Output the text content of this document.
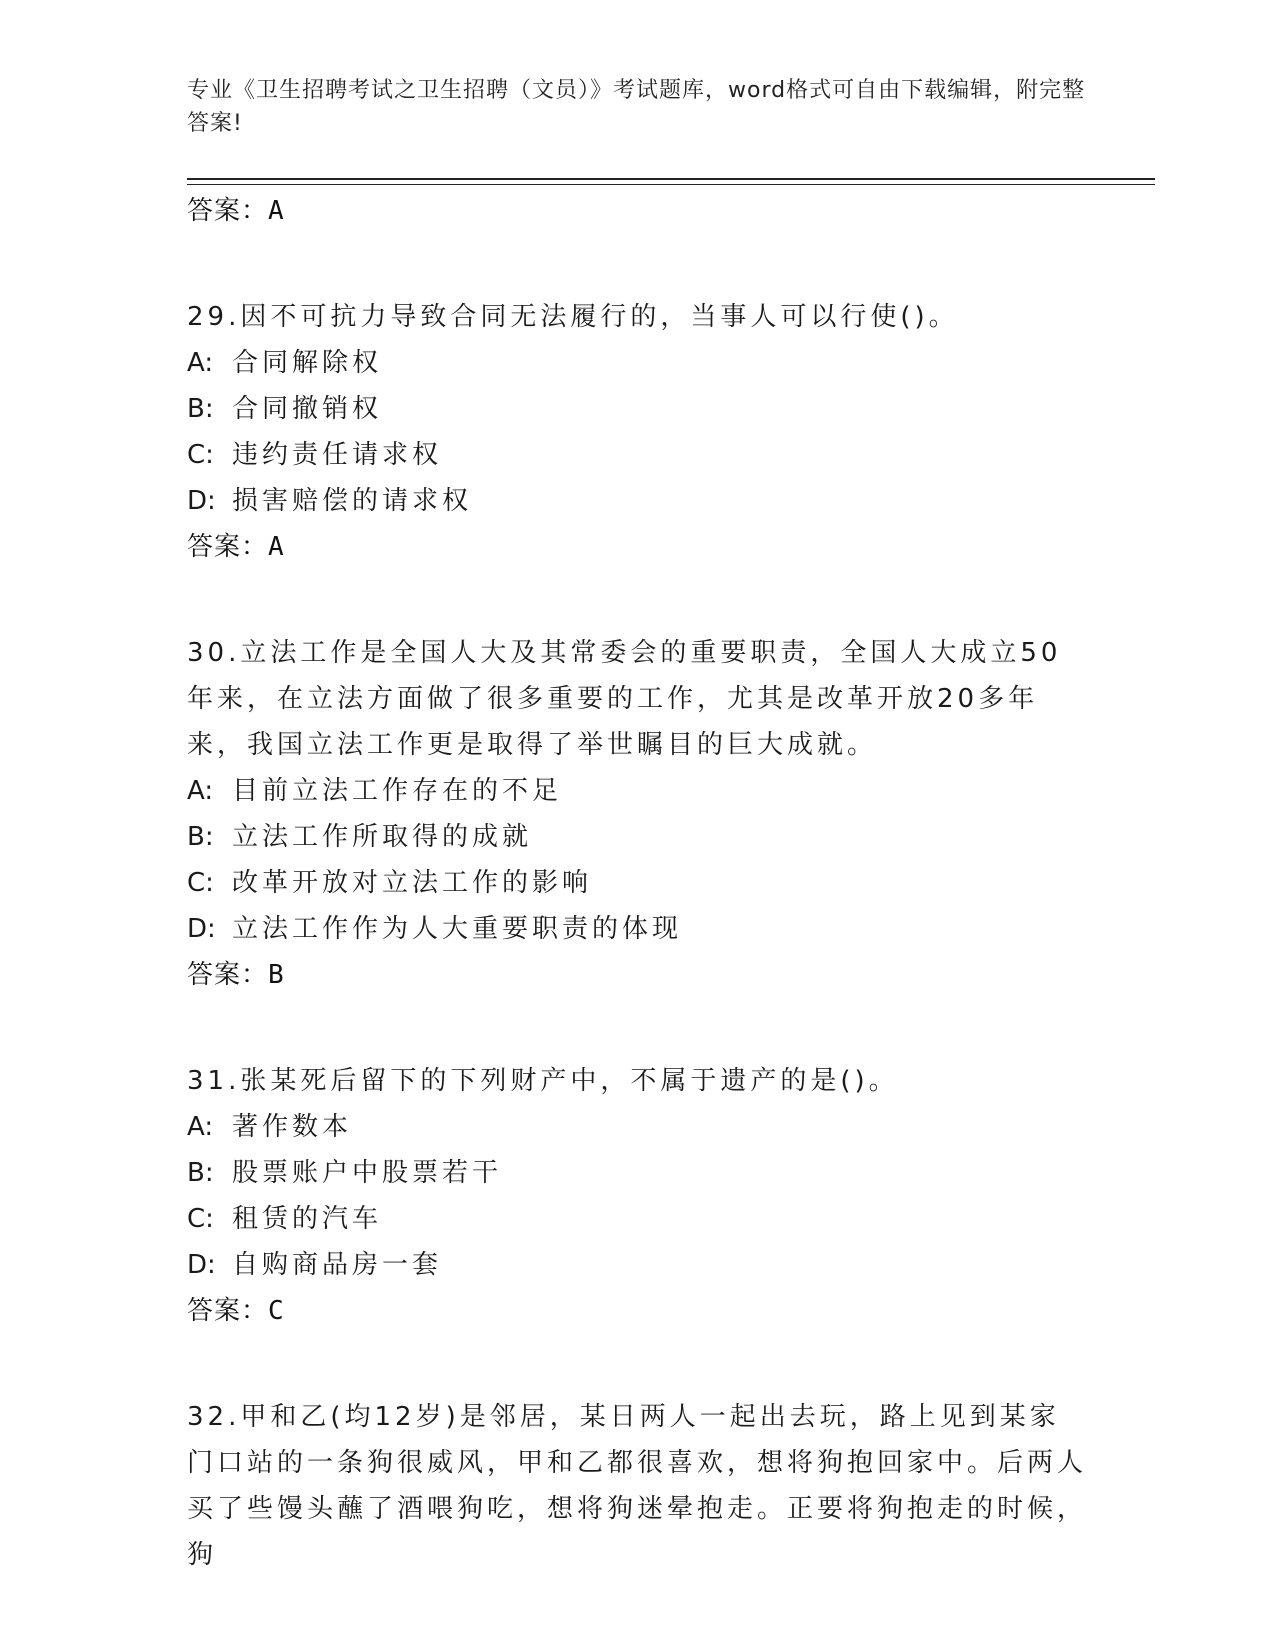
专业《卫生招聘考试之卫生招聘（文员）》考试题库，word格式可自由下载编辑，附完整答案!
答案：A
29.因不可抗力导致合同无法履行的，当事人可以行使()。
A: 合同解除权
B: 合同撤销权
C: 违约责任请求权
D: 损害赔偿的请求权
答案：A
30.立法工作是全国人大及其常委会的重要职责，全国人大成立50年来，在立法方面做了很多重要的工作，尤其是改革开放20多年来，我国立法工作更是取得了举世瞩目的巨大成就。
A: 目前立法工作存在的不足
B: 立法工作所取得的成就
C: 改革开放对立法工作的影响
D: 立法工作作为人大重要职责的体现
答案：B
31.张某死后留下的下列财产中，不属于遗产的是()。
A: 著作数本
B: 股票账户中股票若干
C: 租赁的汽车
D: 自购商品房一套
答案：C
32.甲和乙(均12岁)是邻居，某日两人一起出去玩，路上见到某家门口站的一条狗很威风，甲和乙都很喜欢，想将狗抱回家中。后两人买了些馒头蘸了酒喂狗吃，想将狗迷晕抱走。正要将狗抱走的时候，狗
